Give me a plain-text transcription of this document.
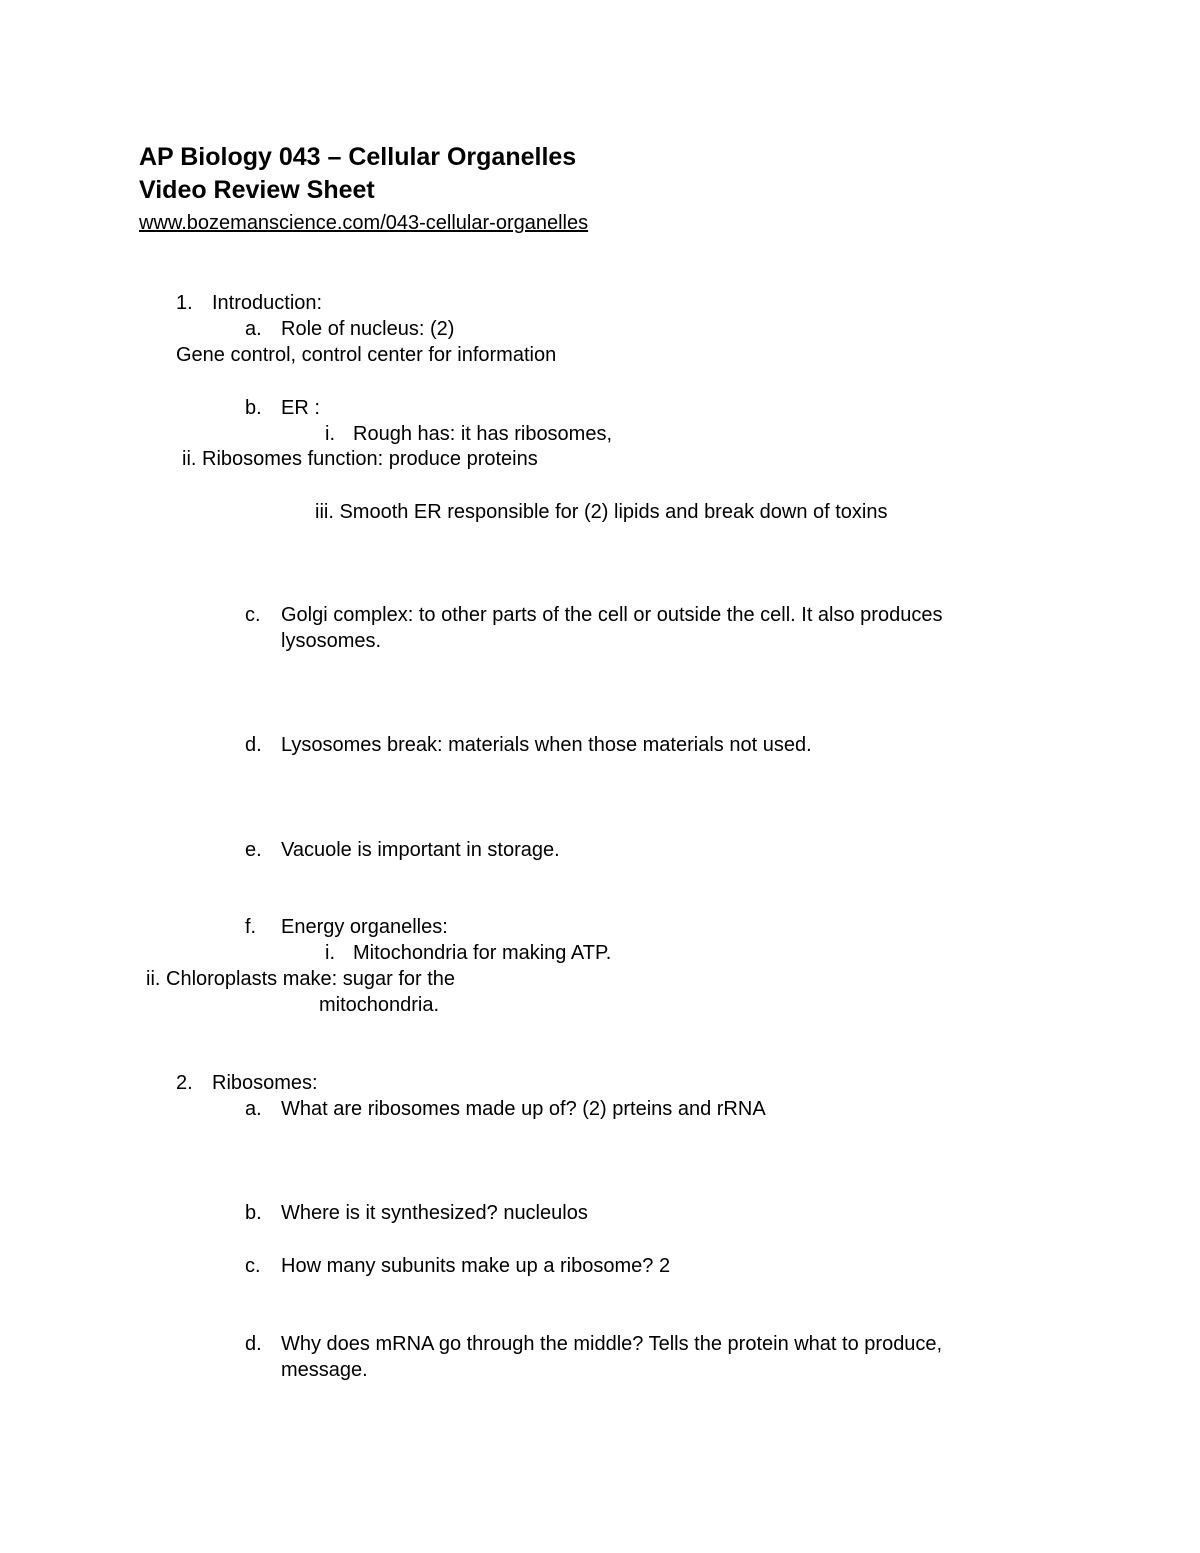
AP Biology 043 – Cellular Organelles
Video Review Sheet
www.bozemanscience.com/043-cellular-organelles
1. Introduction:
a. Role of nucleus: (2)
Gene control, control center for information
b. ER :
i. Rough has: it has ribosomes,
ii. Ribosomes function: produce proteins
iii. Smooth ER responsible for (2) lipids and break down of toxins
c. Golgi complex: to other parts of the cell or outside the cell. It also produces
lysosomes.
d. Lysosomes break: materials when those materials not used.
e. Vacuole is important in storage.
f. Energy organelles:
i. Mitochondria for making ATP.
ii. Chloroplasts make: sugar for the
mitochondria.
2. Ribosomes:
a. What are ribosomes made up of? (2) prteins and rRNA
b. Where is it synthesized? nucleulos
c. How many subunits make up a ribosome? 2
d. Why does mRNA go through the middle? Tells the protein what to produce,
message.
